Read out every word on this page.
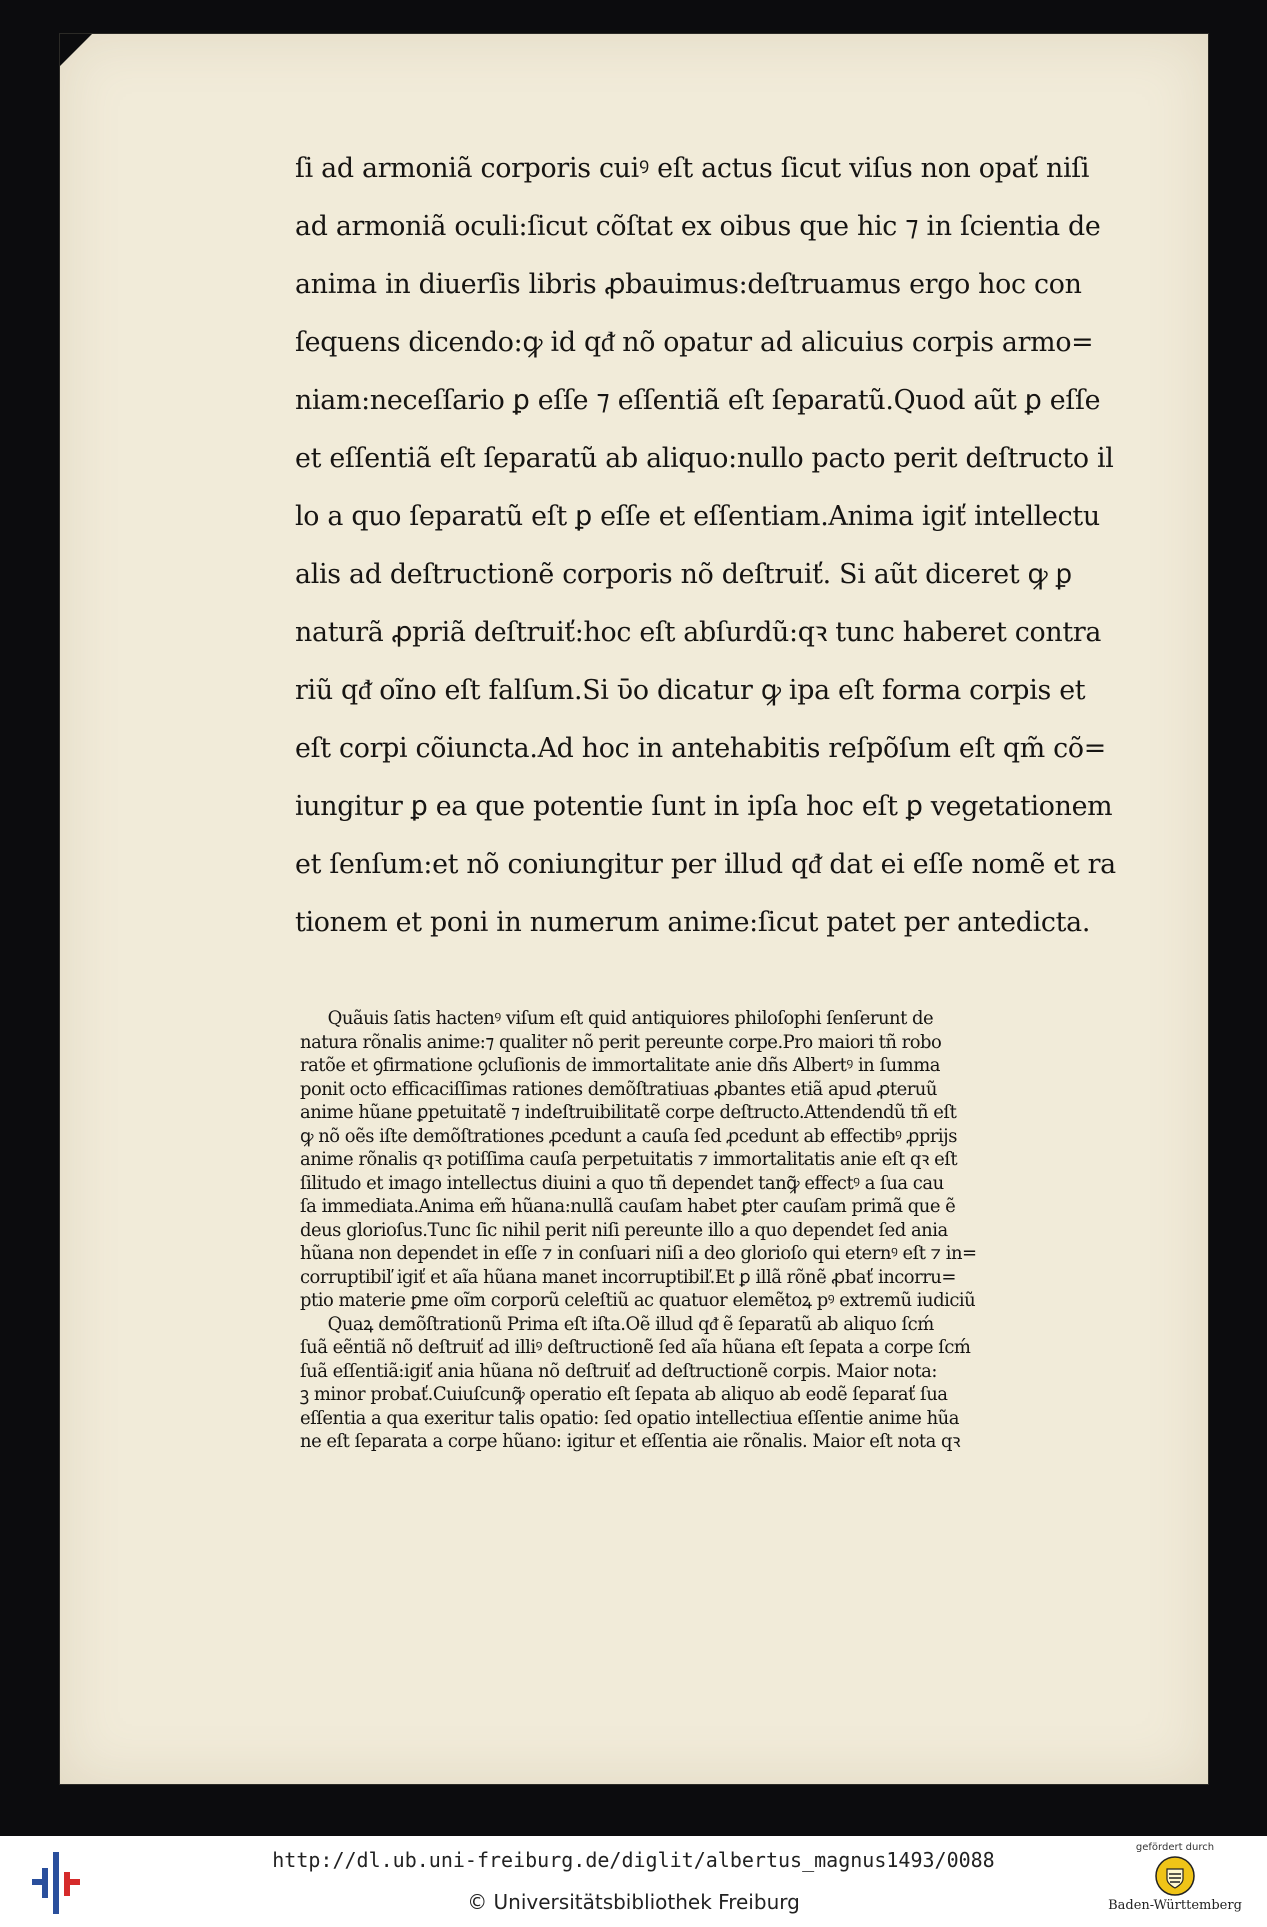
ſi ad armoniã corporis cuiꝰ eſt actus ſicut viſus non opať niſi
ad armoniã oculi:ſicut cõſtat ex oibus que hic ⁊ in ſcientia de
anima in diuerſis libris ꝓbauimus:deſtruamus ergo hoc con
ſequens dicendo:ꝙ id qᵭ nõ opatur ad alicuius corpis armo=
niam:neceſſario ꝑ eſſe ⁊ eſſentiã eſt ſeparatũ.Quod aũt ꝑ eſſe
et eſſentiã eſt ſeparatũ ab aliquo:nullo pacto perit deſtructo il
lo a quo ſeparatũ eſt ꝑ eſſe et eſſentiam.Anima igiť intellectu
alis ad deſtructionẽ corporis nõ deſtruiť. Si aũt diceret ꝙ ꝑ
naturã ꝓpriã deſtruiť:hoc eſt abſurdũ:qꝛ tunc haberet contra
riũ qᵭ oĩno eſt falſum.Si ῡo dicatur ꝙ ipa eſt forma corpis et
eſt corpi cõiuncta.Ad hoc in antehabitis reſpõſum eſt qm̃ cõ=
iungitur ꝑ ea que potentie ſunt in ipſa hoc eſt ꝑ vegetationem
et ſenſum:et nõ coniungitur per illud qᵭ dat ei eſſe nomẽ et ra
tionem et poni in numerum anime:ſicut patet per antedicta.
Quãuis ſatis hactenꝰ viſum eſt quid antiquiores philoſophi ſenſerunt de
natura rõnalis anime:⁊ qualiter nõ perit pereunte corpe.Pro maiori tñ robo
ratõe et ꝯfirmatione ꝯcluſionis de immortalitate anie dñs Albertꝰ in ſumma
ponit octo efficaciſſimas rationes demõſtratiuas ꝓbantes etiã apud ꝓteruũ
anime hũane ꝑpetuitatẽ ⁊ indeſtruibilitatẽ corpe deſtructo.Attendendũ tñ eſt
ꝙ nõ oẽs iſte demõſtrationes ꝓcedunt a cauſa ſed ꝓcedunt ab effectibꝰ ꝓprijs
anime rõnalis qꝛ potiſſima cauſa perpetuitatis ⁊ immortalitatis anie eſt qꝛ eſt
ſilitudo et imago intellectus diuini a quo tñ dependet tanꝙ̃ effectꝰ a ſua cau
ſa immediata.Anima em̃ hũana:nullã cauſam habet ꝑter cauſam primã que ẽ
deus glorioſus.Tunc ſic nihil perit niſi pereunte illo a quo dependet ſed ania
hũana non dependet in eſſe ⁊ in conſuari niſi a deo glorioſo qui eternꝰ eſt ⁊ in=
corruptibiľ igiť et aĩa hũana manet incorruptibiľ.Et ꝑ illã rõnẽ ꝓbať incorru=
ptio materie ꝑme oĩm corporũ celeſtiũ ac quatuor elemẽtoꝝ pꝰ extremũ iudiciũ
Quaꝝ demõſtrationũ Prima eſt iſta.Oẽ illud qᵭ ẽ ſeparatũ ab aliquo ſcḿ
ſuã eẽntiã nõ deſtruiť ad illiꝰ deſtructionẽ ſed aĩa hũana eſt ſepata a corpe ſcḿ
ſuã eſſentiã:igiť ania hũana nõ deſtruiť ad deſtructionẽ corpis. Maior nota:
ꝫ minor probať.Cuiuſcunꝙ̃ operatio eſt ſepata ab aliquo ab eodẽ ſeparať ſua
eſſentia a qua exeritur talis opatio: ſed opatio intellectiua eſſentie anime hũa
ne eſt ſeparata a corpe hũano: igitur et eſſentia aie rõnalis. Maior eſt nota qꝛ
http://dl.ub.uni-freiburg.de/diglit/albertus_magnus1493/0088
© Universitätsbibliothek Freiburg
gefördert durch
Baden-Württemberg
